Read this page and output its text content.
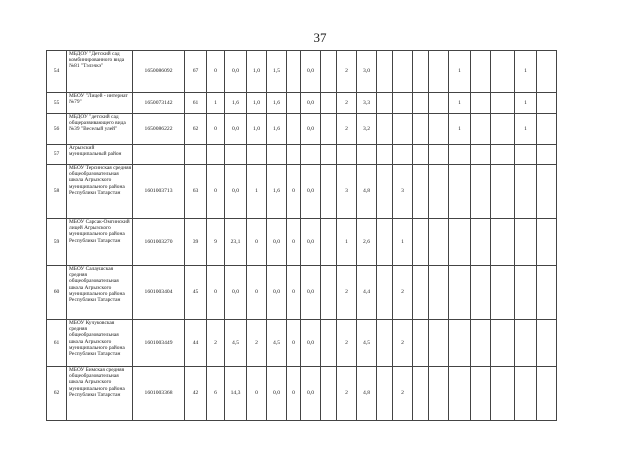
37
54	МБДОУ "Детский сад комбинированного вида №81 "Тэлэчкэ"	1650086092	67	0	0,0	1,0	1,5		0,0		2	3,0					1			1	
55	МБОУ "Лицей - интернат №79"	1650073142	61	1	1,6	1,0	1,6		0,0		2	3,3					1			1	
56	МБДОУ "детский сад общеразвивающего вида №39 "Веселый улей"	1650086222	62	0	0,0	1,0	1,6		0,0		2	3,2					1			1	
57	Агрызский муниципальный район																				
58	МБОУ Терсинская средняя общеобразовательная школа Агрызского муниципального района Республики Татарстан	1601003713	63	0	0,0	1	1,6	0	0,0		3	4,8		3							
59	МБОУ Сарсак-Омгинский лицей Агрызского муниципального района Республики Татарстан	1601003270	39	9	23,1	0	0,0	0	0,0		1	2,6		1							
60	МБОУ Салаушская средняя общеобразовательная школа Агрызского муниципального района Республики Татарстан	1601003404	45	0	0,0	0	0,0	0	0,0		2	4,4		2							
61	МБОУ Кучуковская средняя общеобразовательная школа Агрызского муниципального района Республики Татарстан	1601003449	44	2	4,5	2	4,5	0	0,0		2	4,5		2							
62	МБОУ Бимская средняя общеобразовательная школа Агрызского муниципального района Республики Татарстан	1601003368	42	6	14,3	0	0,0	0	0,0		2	4,8		2							
